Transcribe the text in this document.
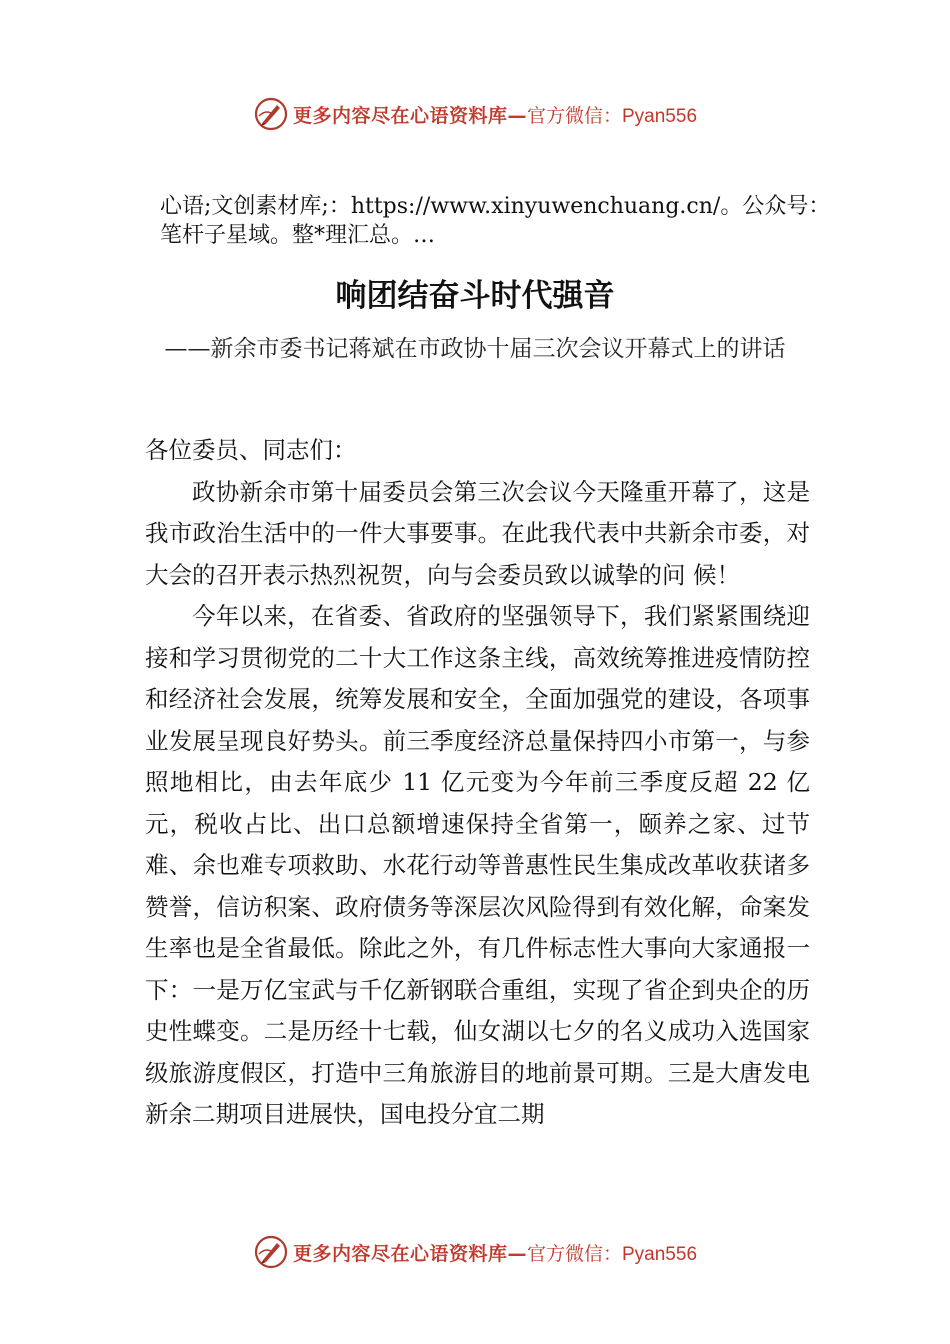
更多内容尽在心语资料库— 官方微信：Pyan556
心语;文创素材库;：https://www.xinyuwenchuang.cn/。公众号：笔杆子星域。整*理汇总。…
响团结奋斗时代强音
——新余市委书记蒋斌在市政协十届三次会议开幕式上的讲话

各位委员、同志们：

政协新余市第十届委员会第三次会议今天隆重开幕了，这是我市政治生活中的一件大事要事。在此我代表中共新余市委，对大会的召开表示热烈祝贺，向与会委员致以诚挚的问 候！

今年以来，在省委、省政府的坚强领导下，我们紧紧围绕迎接和学习贯彻党的二十大工作这条主线，高效统筹推进疫情防控和经济社会发展，统筹发展和安全，全面加强党的建设，各项事业发展呈现良好势头。前三季度经济总量保持四小市第一，与参照地相比，由去年底少 11 亿元变为今年前三季度反超 22 亿元，税收占比、出口总额增速保持全省第一，颐养之家、过节难、余也难专项救助、水花行动等普惠性民生集成改革收获诸多赞誉，信访积案、政府债务等深层次风险得到有效化解，命案发生率也是全省最低。除此之外，有几件标志性大事向大家通报一下：一是万亿宝武与千亿新钢联合重组，实现了省企到央企的历史性蝶变。二是历经十七载，仙女湖以七夕的名义成功入选国家级旅游度假区，打造中三角旅游目的地前景可期。三是大唐发电新余二期项目进展快，国电投分宜二期

更多内容尽在心语资料库— 官方微信：Pyan556
